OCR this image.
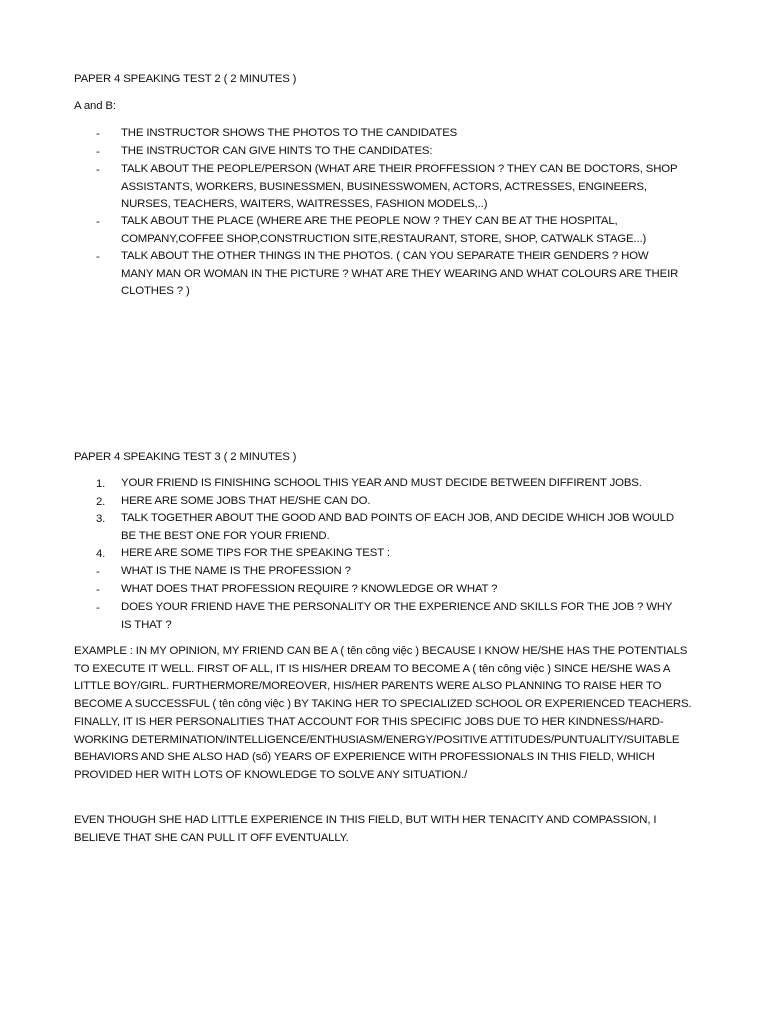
PAPER 4 SPEAKING TEST 2 ( 2 MINUTES )
A and B:
-	THE INSTRUCTOR SHOWS THE PHOTOS TO THE CANDIDATES
-	THE INSTRUCTOR CAN GIVE HINTS TO THE CANDIDATES:
-	TALK ABOUT THE PEOPLE/PERSON (WHAT ARE THEIR PROFFESSION ? THEY CAN BE DOCTORS, SHOP ASSISTANTS, WORKERS, BUSINESSMEN, BUSINESSWOMEN, ACTORS, ACTRESSES, ENGINEERS, NURSES, TEACHERS, WAITERS, WAITRESSES, FASHION MODELS,..)
-	TALK ABOUT THE PLACE (WHERE ARE THE PEOPLE NOW ? THEY CAN BE AT THE HOSPITAL, COMPANY,COFFEE SHOP,CONSTRUCTION SITE,RESTAURANT, STORE, SHOP, CATWALK STAGE...)
-	TALK ABOUT THE OTHER THINGS IN THE PHOTOS. ( CAN YOU SEPARATE THEIR GENDERS ? HOW MANY MAN OR WOMAN IN THE PICTURE ? WHAT ARE THEY WEARING AND WHAT COLOURS ARE THEIR CLOTHES ? )
PAPER 4 SPEAKING TEST 3 ( 2 MINUTES )
1.	YOUR FRIEND IS FINISHING SCHOOL THIS YEAR AND MUST DECIDE BETWEEN DIFFIRENT JOBS.
2.	HERE ARE SOME JOBS THAT HE/SHE CAN DO.
3.	TALK TOGETHER ABOUT THE GOOD AND BAD POINTS OF EACH JOB, AND DECIDE WHICH JOB WOULD BE THE BEST ONE FOR YOUR FRIEND.
4.	HERE ARE SOME TIPS FOR THE SPEAKING TEST :
-	WHAT IS THE NAME IS THE PROFESSION ?
-	WHAT DOES THAT PROFESSION REQUIRE ? KNOWLEDGE OR WHAT ?
-	DOES YOUR FRIEND HAVE THE PERSONALITY OR THE EXPERIENCE AND SKILLS FOR THE JOB ? WHY IS THAT ?
EXAMPLE : IN MY OPINION, MY FRIEND CAN BE A ( tên công việc ) BECAUSE I KNOW HE/SHE HAS THE POTENTIALS TO EXECUTE IT WELL. FIRST OF ALL, IT IS HIS/HER DREAM TO BECOME A ( tên công việc ) SINCE HE/SHE WAS A LITTLE BOY/GIRL. FURTHERMORE/MOREOVER, HIS/HER PARENTS WERE ALSO PLANNING TO RAISE HER TO BECOME A SUCCESSFUL ( tên công việc ) BY TAKING HER TO SPECIALIZED SCHOOL OR EXPERIENCED TEACHERS. FINALLY, IT IS HER PERSONALITIES THAT ACCOUNT FOR THIS SPECIFIC JOBS DUE TO HER KINDNESS/HARD-WORKING DETERMINATION/INTELLIGENCE/ENTHUSIASM/ENERGY/POSITIVE ATTITUDES/PUNTUALITY/SUITABLE BEHAVIORS AND SHE ALSO HAD (số) YEARS OF EXPERIENCE WITH PROFESSIONALS IN THIS FIELD, WHICH PROVIDED HER WITH LOTS OF KNOWLEDGE TO SOLVE ANY SITUATION./
EVEN THOUGH SHE HAD LITTLE EXPERIENCE IN THIS FIELD, BUT WITH HER TENACITY AND COMPASSION, I BELIEVE THAT SHE CAN PULL IT OFF EVENTUALLY.
